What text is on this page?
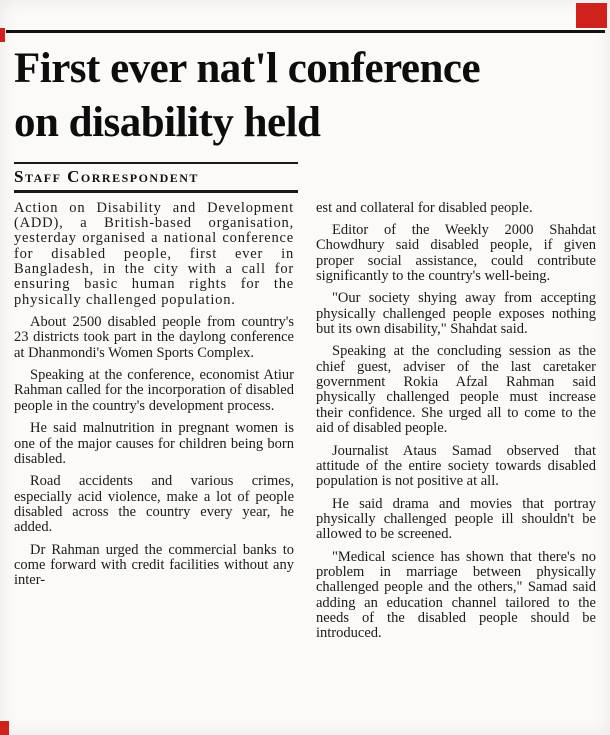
First ever nat'l conference
on disability held
Staff Correspondent

Action on Disability and Development (ADD), a British-based organisation, yesterday organised a national conference for disabled people, first ever in Bangladesh, in the city with a call for ensuring basic human rights for the physically challenged population.

About 2500 disabled people from country's 23 districts took part in the daylong conference at Dhanmondi's Women Sports Complex.

Speaking at the conference, economist Atiur Rahman called for the incorporation of disabled people in the country's development process.

He said malnutrition in pregnant women is one of the major causes for children being born disabled.

Road accidents and various crimes, especially acid violence, make a lot of people disabled across the country every year, he added.

Dr Rahman urged the commercial banks to come forward with credit facilities without any inter-

est and collateral for disabled people.

Editor of the Weekly 2000 Shahdat Chowdhury said disabled people, if given proper social assistance, could contribute significantly to the country's well-being.

"Our society shying away from accepting physically challenged people exposes nothing but its own disability," Shahdat said.

Speaking at the concluding session as the chief guest, adviser of the last caretaker government Rokia Afzal Rahman said physically challenged people must increase their confidence. She urged all to come to the aid of disabled people.

Journalist Ataus Samad observed that attitude of the entire society towards disabled population is not positive at all.

He said drama and movies that portray physically challenged people ill shouldn't be allowed to be screened.

"Medical science has shown that there's no problem in marriage between physically challenged people and the others," Samad said adding an education channel tailored to the needs of the disabled people should be introduced.
